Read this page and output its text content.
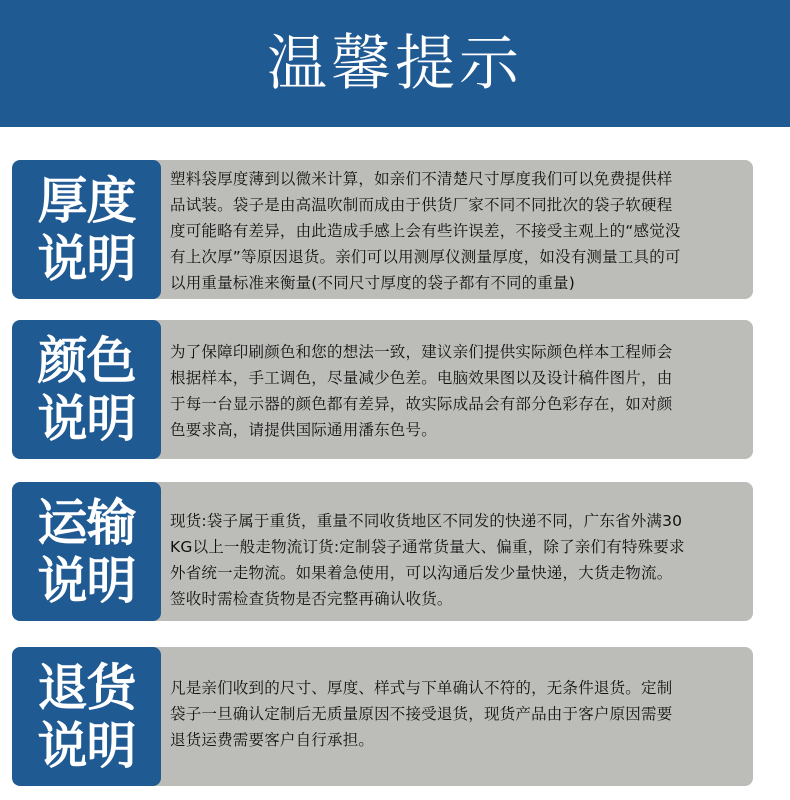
温馨提示
厚度
说明
塑料袋厚度薄到以微米计算，如亲们不清楚尺寸厚度我们可以免费提供样
品试装。袋子是由高温吹制而成由于供货厂家不同不同批次的袋子软硬程
度可能略有差异，由此造成手感上会有些许误差，不接受主观上的“感觉没
有上次厚”等原因退货。亲们可以用测厚仪测量厚度，如没有测量工具的可
以用重量标准来衡量(不同尺寸厚度的袋子都有不同的重量)
颜色
说明
为了保障印刷颜色和您的想法一致，建议亲们提供实际颜色样本工程师会
根据样本，手工调色，尽量减少色差。电脑效果图以及设计稿件图片，由
于每一台显示器的颜色都有差异，故实际成品会有部分色彩存在，如对颜
色要求高，请提供国际通用潘东色号。
运输
说明
现货:袋子属于重货，重量不同收货地区不同发的快递不同，广东省外满30
KG以上一般走物流订货:定制袋子通常货量大、偏重，除了亲们有特殊要求
外省统一走物流。如果着急使用，可以沟通后发少量快递，大货走物流。
签收时需检查货物是否完整再确认收货。
退货
说明
凡是亲们收到的尺寸、厚度、样式与下单确认不符的，无条件退货。定制
袋子一旦确认定制后无质量原因不接受退货，现货产品由于客户原因需要
退货运费需要客户自行承担。
